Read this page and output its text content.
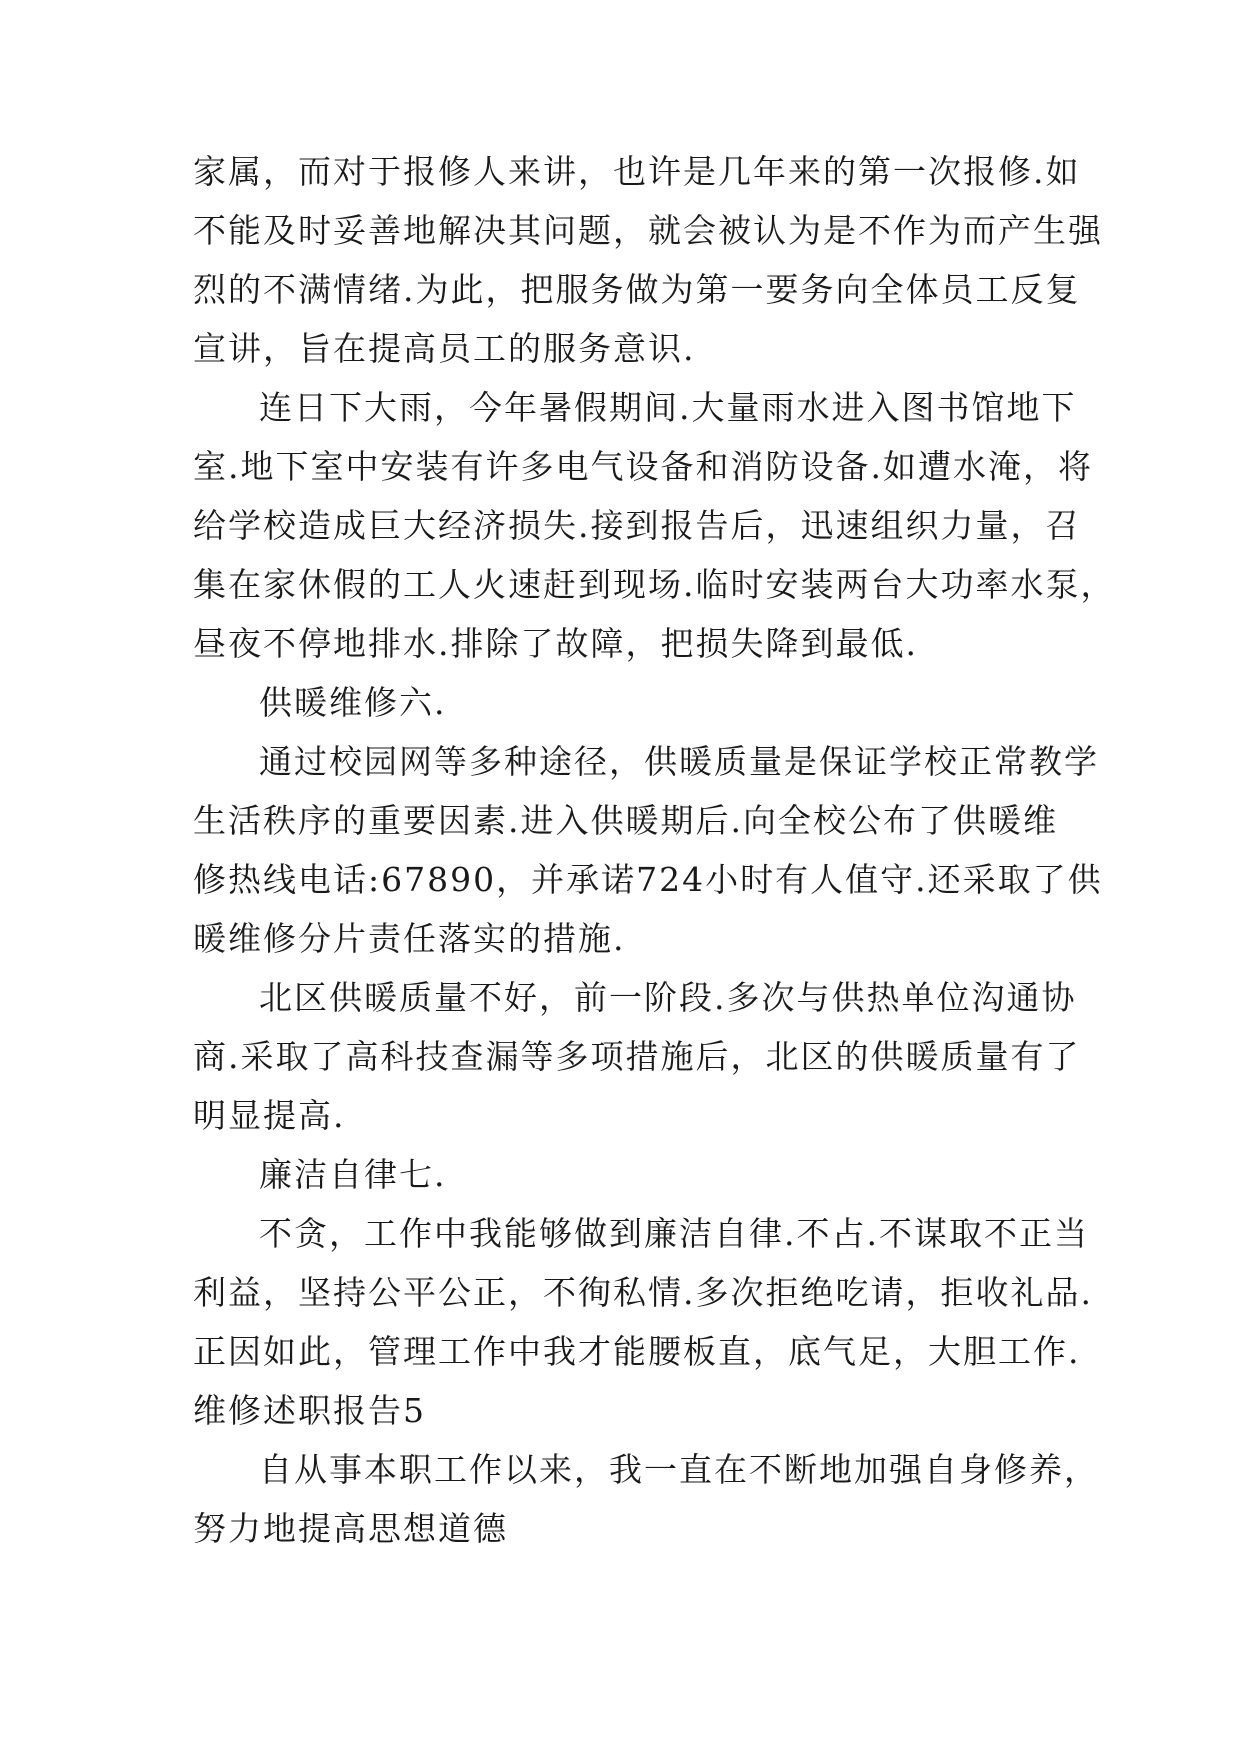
家属，而对于报修人来讲，也许是几年来的第一次报修.如
不能及时妥善地解决其问题，就会被认为是不作为而产生强
烈的不满情绪.为此，把服务做为第一要务向全体员工反复
宣讲，旨在提高员工的服务意识.
连日下大雨，今年暑假期间.大量雨水进入图书馆地下
室.地下室中安装有许多电气设备和消防设备.如遭水淹，将
给学校造成巨大经济损失.接到报告后，迅速组织力量，召
集在家休假的工人火速赶到现场.临时安装两台大功率水泵，
昼夜不停地排水.排除了故障，把损失降到最低.
供暖维修六.
通过校园网等多种途径，供暖质量是保证学校正常教学
生活秩序的重要因素.进入供暖期后.向全校公布了供暖维
修热线电话:67890，并承诺724小时有人值守.还采取了供
暖维修分片责任落实的措施.
北区供暖质量不好，前一阶段.多次与供热单位沟通协
商.采取了高科技查漏等多项措施后，北区的供暖质量有了
明显提高.
廉洁自律七.
不贪，工作中我能够做到廉洁自律.不占.不谋取不正当
利益，坚持公平公正，不徇私情.多次拒绝吃请，拒收礼品.
正因如此，管理工作中我才能腰板直，底气足，大胆工作.
维修述职报告5
自从事本职工作以来，我一直在不断地加强自身修养，
努力地提高思想道德
